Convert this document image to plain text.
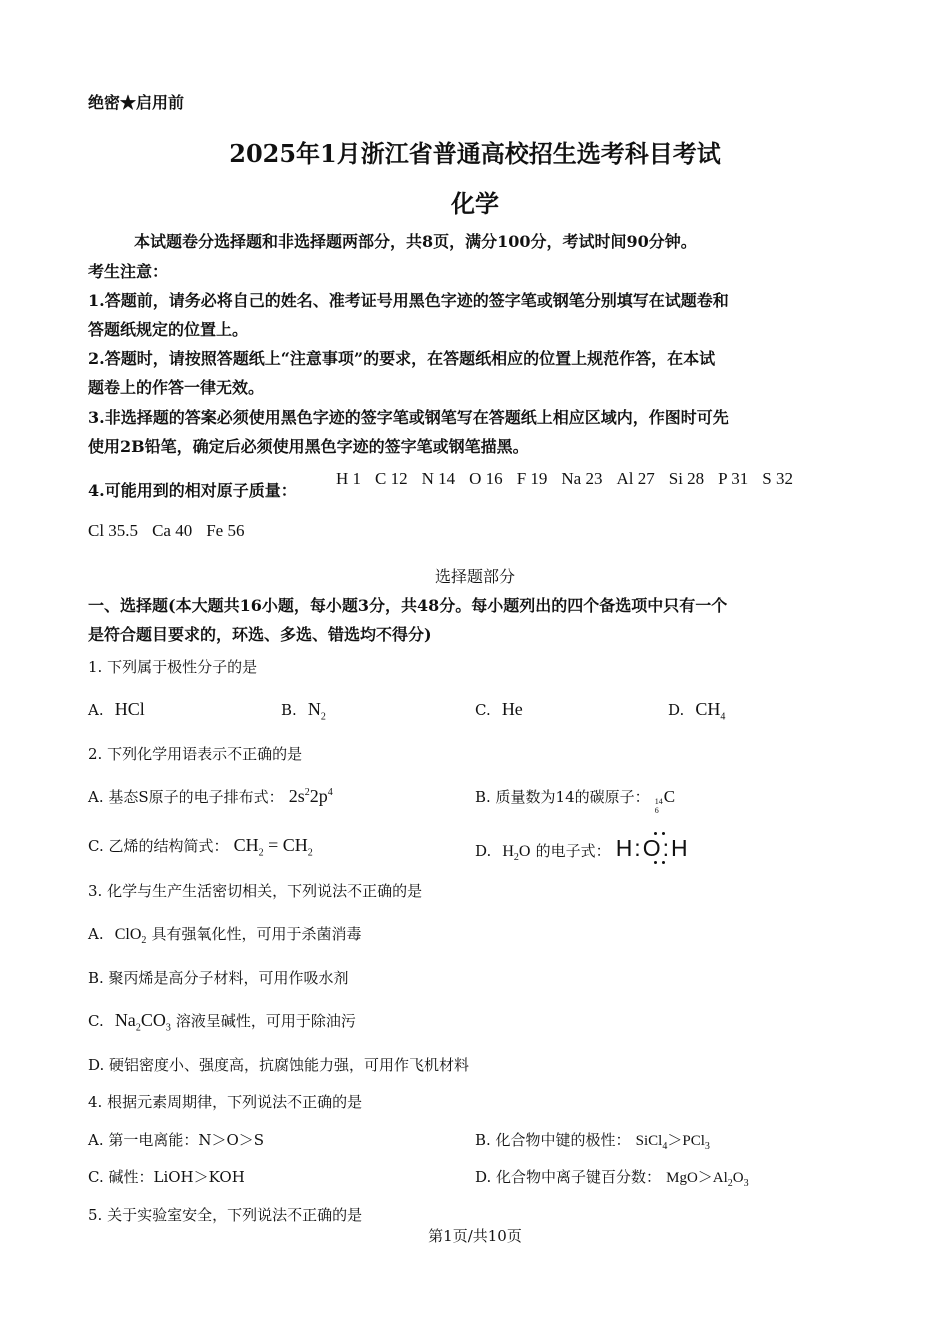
绝密★启用前
2025年1月浙江省普通高校招生选考科目考试
化学
本试题卷分选择题和非选择题两部分，共8页，满分100分，考试时间90分钟。
考生注意：
1.答题前，请务必将自己的姓名、准考证号用黑色字迹的签字笔或钢笔分别填写在试题卷和
答题纸规定的位置上。
2.答题时，请按照答题纸上“注意事项”的要求，在答题纸相应的位置上规范作答，在本试
题卷上的作答一律无效。
3.非选择题的答案必须使用黑色字迹的签字笔或钢笔写在答题纸上相应区域内，作图时可先
使用2B铅笔，确定后必须使用黑色字迹的签字笔或钢笔描黑。
4.可能用到的相对原子质量：
H 1 C 12 N 14 O 16 F 19 Na 23 Al 27 Si 28 P 31 S 32
Cl 35.5 Ca 40 Fe 56
选择题部分
一、选择题(本大题共16小题，每小题3分，共48分。每小题列出的四个备选项中只有一个
是符合题目要求的，环选、多选、错选均不得分)
1. 下列属于极性分子的是
A. HCl	B. $N_2$	C. He	D. $CH_4$
2. 下列化学用语表示不正确的是
A. 基态S原子的电子排布式： $2s^22p^4$	B. 质量数为14的碳原子： 14
6
C
C. 乙烯的结构简式： $CH_2 = CH_2$	D. $H_2O$ 的电子式： H:O:H
3. 化学与生产生活密切相关，下列说法不正确的是
A. ClO$_2$ 具有强氧化性，可用于杀菌消毒
B. 聚丙烯是高分子材料，可用作吸水剂
C. $Na_2CO_3$ 溶液呈碱性，可用于除油污
D. 硬铝密度小、强度高，抗腐蚀能力强，可用作飞机材料
4. 根据元素周期律，下列说法不正确的是
A. 第一电离能：N＞O＞S	B. 化合物中键的极性： SiCl$_4$＞PCl$_3$
C. 碱性：LiOH＞KOH	D. 化合物中离子键百分数： $MgO>Al_2O_3$
5. 关于实验室安全，下列说法不正确的是
第1页/共10页
